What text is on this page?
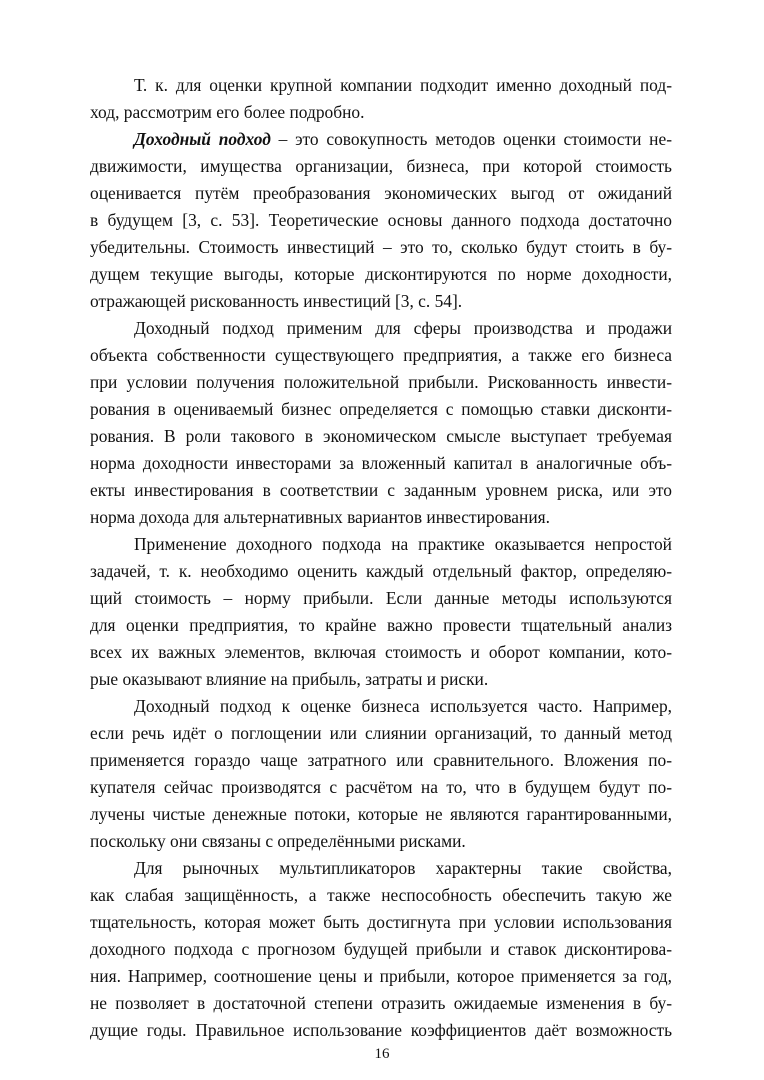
Т. к. для оценки крупной компании подходит именно доходный под-
ход, рассмотрим его более подробно.
Доходный подход – это совокупность методов оценки стоимости не-
движимости, имущества организации, бизнеса, при которой стоимость
оценивается путём преобразования экономических выгод от ожиданий
в будущем [3, с. 53]. Теоретические основы данного подхода достаточно
убедительны. Стоимость инвестиций – это то, сколько будут стоить в бу-
дущем текущие выгоды, которые дисконтируются по норме доходности,
отражающей рискованность инвестиций [3, с. 54].
Доходный подход применим для сферы производства и продажи
объекта собственности существующего предприятия, а также его бизнеса
при условии получения положительной прибыли. Рискованность инвести-
рования в оцениваемый бизнес определяется с помощью ставки дисконти-
рования. В роли такового в экономическом смысле выступает требуемая
норма доходности инвесторами за вложенный капитал в аналогичные объ-
екты инвестирования в соответствии с заданным уровнем риска, или это
норма дохода для альтернативных вариантов инвестирования.
Применение доходного подхода на практике оказывается непростой
задачей, т. к. необходимо оценить каждый отдельный фактор, определяю-
щий стоимость – норму прибыли. Если данные методы используются
для оценки предприятия, то крайне важно провести тщательный анализ
всех их важных элементов, включая стоимость и оборот компании, кото-
рые оказывают влияние на прибыль, затраты и риски.
Доходный подход к оценке бизнеса используется часто. Например,
если речь идёт о поглощении или слиянии организаций, то данный метод
применяется гораздо чаще затратного или сравнительного. Вложения по-
купателя сейчас производятся с расчётом на то, что в будущем будут по-
лучены чистые денежные потоки, которые не являются гарантированными,
поскольку они связаны с определёнными рисками.
Для рыночных мультипликаторов характерны такие свойства,
как слабая защищённость, а также неспособность обеспечить такую же
тщательность, которая может быть достигнута при условии использования
доходного подхода с прогнозом будущей прибыли и ставок дисконтирова-
ния. Например, соотношение цены и прибыли, которое применяется за год,
не позволяет в достаточной степени отразить ожидаемые изменения в бу-
дущие годы. Правильное использование коэффициентов даёт возможность
16
